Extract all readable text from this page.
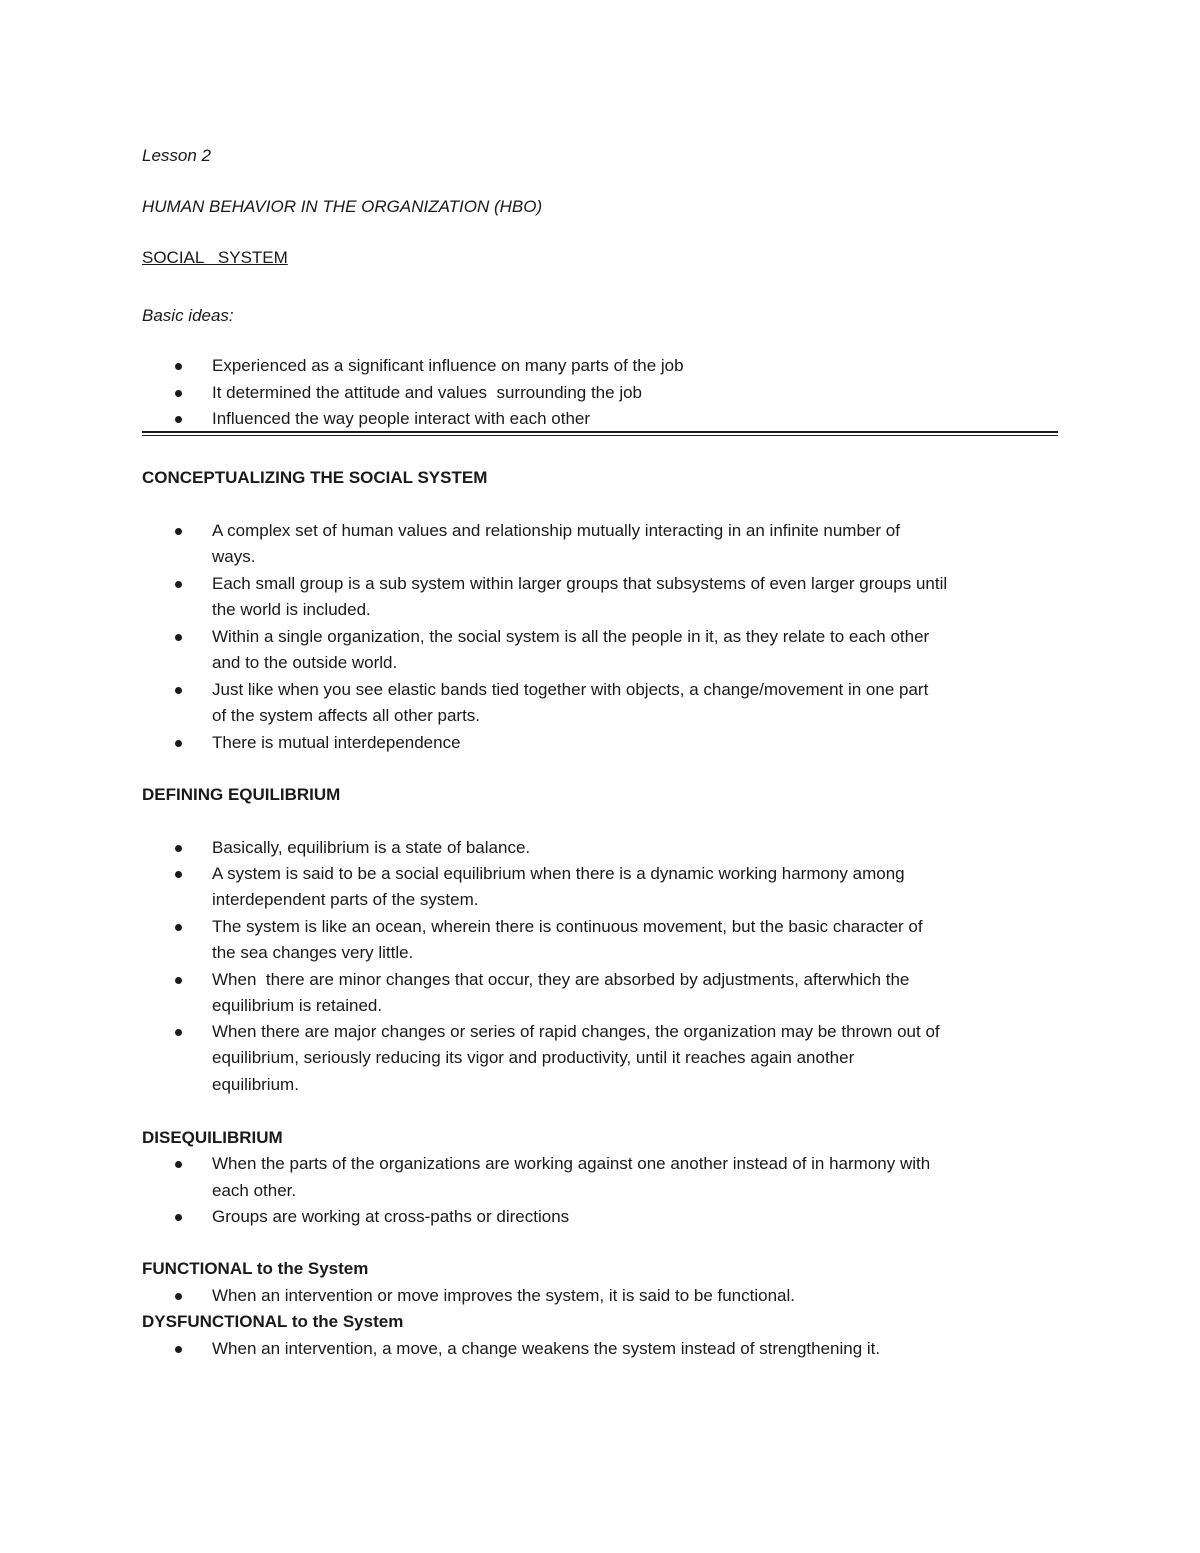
Lesson 2
HUMAN BEHAVIOR IN THE ORGANIZATION (HBO)
SOCIAL   SYSTEM
Basic ideas:
Experienced as a significant influence on many parts of the job
It determined the attitude and values  surrounding the job
Influenced the way people interact with each other
CONCEPTUALIZING THE SOCIAL SYSTEM
A complex set of human values and relationship mutually interacting in an infinite number of
ways.
Each small group is a sub system within larger groups that subsystems of even larger groups until
the world is included.
Within a single organization, the social system is all the people in it, as they relate to each other
and to the outside world.
Just like when you see elastic bands tied together with objects, a change/movement in one part
of the system affects all other parts.
There is mutual interdependence
DEFINING EQUILIBRIUM
Basically, equilibrium is a state of balance.
A system is said to be a social equilibrium when there is a dynamic working harmony among
interdependent parts of the system.
The system is like an ocean, wherein there is continuous movement, but the basic character of
the sea changes very little.
When  there are minor changes that occur, they are absorbed by adjustments, afterwhich the
equilibrium is retained.
When there are major changes or series of rapid changes, the organization may be thrown out of
equilibrium, seriously reducing its vigor and productivity, until it reaches again another
equilibrium.
DISEQUILIBRIUM
When the parts of the organizations are working against one another instead of in harmony with
each other.
Groups are working at cross-paths or directions
FUNCTIONAL to the System
When an intervention or move improves the system, it is said to be functional.
DYSFUNCTIONAL to the System
When an intervention, a move, a change weakens the system instead of strengthening it.
